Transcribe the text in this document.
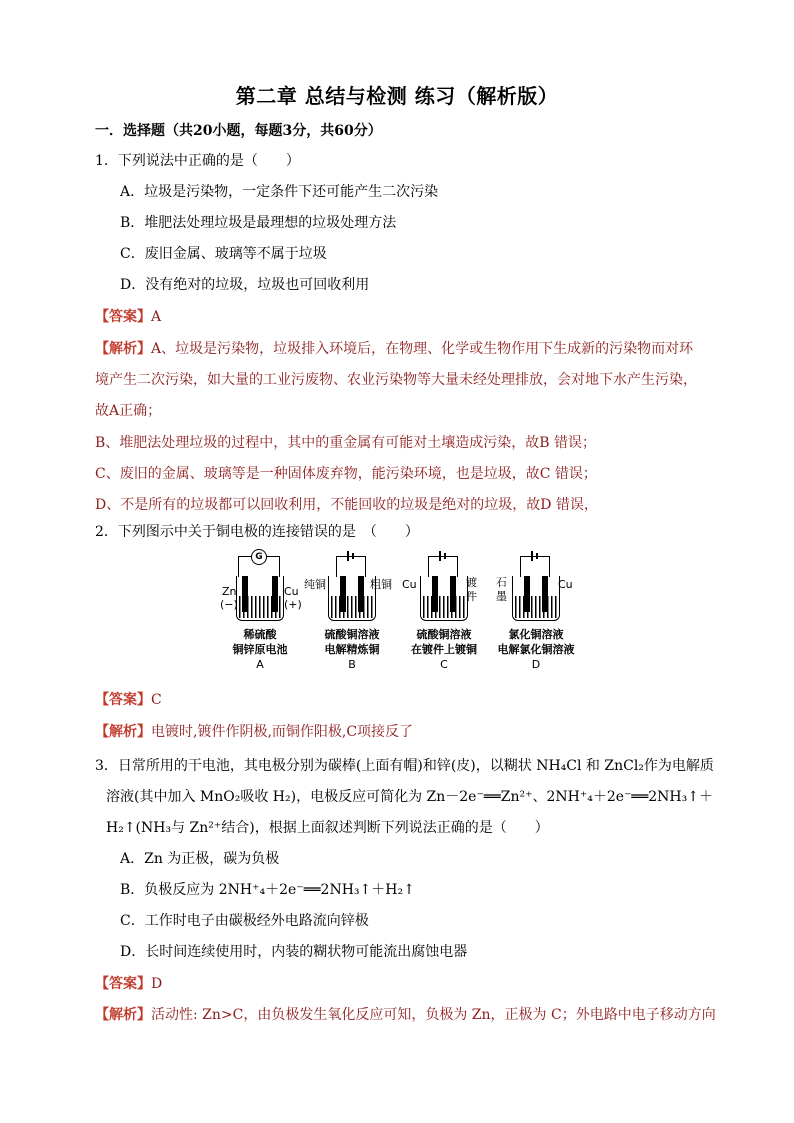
第二章 总结与检测 练习（解析版）
一．选择题（共20小题，每题3分，共60分）
1．下列说法中正确的是（　　）
A．垃圾是污染物，一定条件下还可能产生二次污染
B．堆肥法处理垃圾是最理想的垃圾处理方法
C．废旧金属、玻璃等不属于垃圾
D．没有绝对的垃圾，垃圾也可回收利用
【答案】A
【解析】A、垃圾是污染物，垃圾排入环境后，在物理、化学或生物作用下生成新的污染物而对环
境产生二次污染，如大量的工业污废物、农业污染物等大量未经处理排放，会对地下水产生污染，
故A正确；
B、堆肥法处理垃圾的过程中，其中的重金属有可能对土壤造成污染，故B 错误；
C、废旧的金属、玻璃等是一种固体废弃物，能污染环境，也是垃圾，故C 错误；
D、不是所有的垃圾都可以回收利用，不能回收的垃圾是绝对的垃圾，故D 错误，
2．下列图示中关于铜电极的连接错误的是　（　　）
G
Zn
(−)
Cu
(+)
稀硫酸
铜锌原电池
A
纯铜	粗铜
硫酸铜溶液
电解精炼铜
B
Cu	镀
件
硫酸铜溶液
在镀件上镀铜
C
石
墨
Cu
氯化铜溶液
电解氯化铜溶液
D
【答案】C
【解析】电镀时,镀件作阴极,而铜作阳极,C项接反了
3．日常所用的干电池，其电极分别为碳棒(上面有帽)和锌(皮)，以糊状 NH₄Cl 和 ZnCl₂作为电解质
溶液(其中加入 MnO₂吸收 H₂)，电极反应可简化为 Zn－2e⁻══Zn²⁺、2NH⁺₄＋2e⁻══2NH₃↑＋
H₂↑(NH₃与 Zn²⁺结合)，根据上面叙述判断下列说法正确的是（　　）
A．Zn 为正极，碳为负极
B．负极反应为 2NH⁺₄＋2e⁻══2NH₃↑＋H₂↑
C．工作时电子由碳极经外电路流向锌极
D．长时间连续使用时，内装的糊状物可能流出腐蚀电器
【答案】D
【解析】活动性: Zn>C，由负极发生氧化反应可知，负极为 Zn，正极为 C；外电路中电子移动方向
